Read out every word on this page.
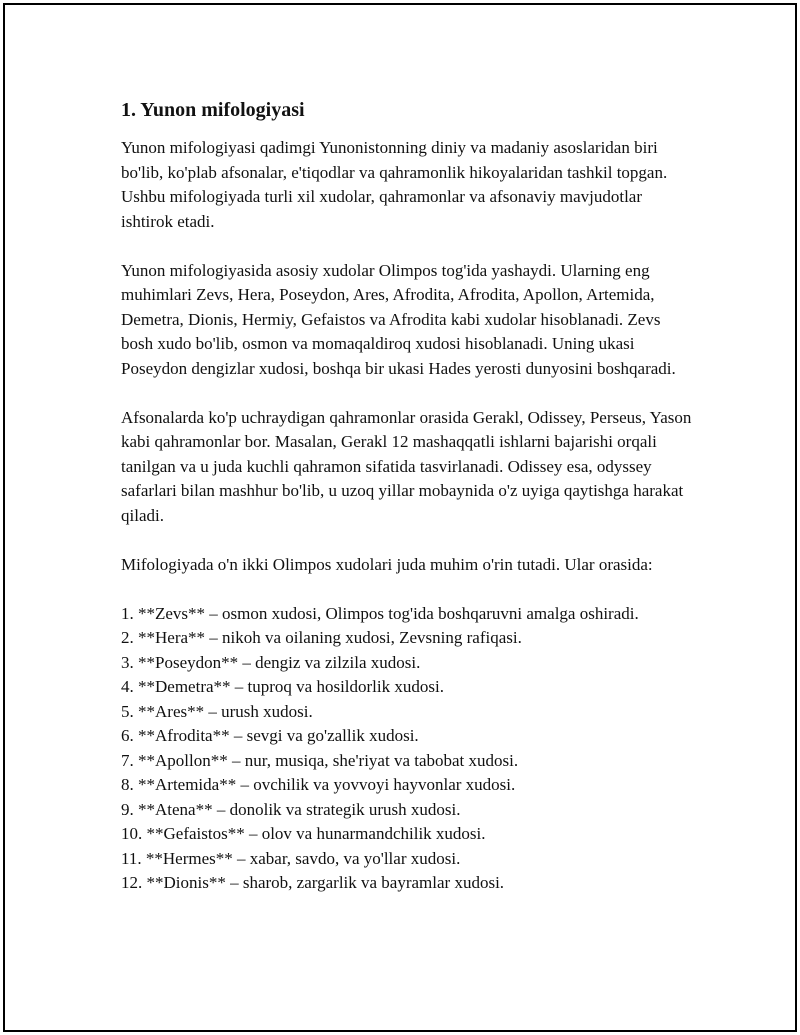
1. Yunon mifologiyasi

Yunon mifologiyasi qadimgi Yunonistonning diniy va madaniy asoslaridan biri bo'lib, ko'plab afsonalar, e'tiqodlar va qahramonlik hikoyalaridan tashkil topgan. Ushbu mifologiyada turli xil xudolar, qahramonlar va afsonaviy mavjudotlar ishtirok etadi.

Yunon mifologiyasida asosiy xudolar Olimpos tog'ida yashaydi. Ularning eng muhimlari Zevs, Hera, Poseydon, Ares, Afrodita, Afrodita, Apollon, Artemida, Demetra, Dionis, Hermiy, Gefaistos va Afrodita kabi xudolar hisoblanadi. Zevs bosh xudo bo'lib, osmon va momaqaldiroq xudosi hisoblanadi. Uning ukasi Poseydon dengizlar xudosi, boshqa bir ukasi Hades yerosti dunyosini boshqaradi.

Afsonalarda ko'p uchraydigan qahramonlar orasida Gerakl, Odissey, Perseus, Yason kabi qahramonlar bor. Masalan, Gerakl 12 mashaqqatli ishlarni bajarishi orqali tanilgan va u juda kuchli qahramon sifatida tasvirlanadi. Odissey esa, odyssey safarlari bilan mashhur bo'lib, u uzoq yillar mobaynida o'z uyiga qaytishga harakat qiladi.

Mifologiyada o'n ikki Olimpos xudolari juda muhim o'rin tutadi. Ular orasida:

1. **Zevs** – osmon xudosi, Olimpos tog'ida boshqaruvni amalga oshiradi.
2. **Hera** – nikoh va oilaning xudosi, Zevsning rafiqasi.
3. **Poseydon** – dengiz va zilzila xudosi.
4. **Demetra** – tuproq va hosildorlik xudosi.
5. **Ares** – urush xudosi.
6. **Afrodita** – sevgi va go'zallik xudosi.
7. **Apollon** – nur, musiqa, she'riyat va tabobat xudosi.
8. **Artemida** – ovchilik va yovvoyi hayvonlar xudosi.
9. **Atena** – donolik va strategik urush xudosi.
10. **Gefaistos** – olov va hunarmandchilik xudosi.
11. **Hermes** – xabar, savdo, va yo'llar xudosi.
12. **Dionis** – sharob, zargarlik va bayramlar xudosi.
